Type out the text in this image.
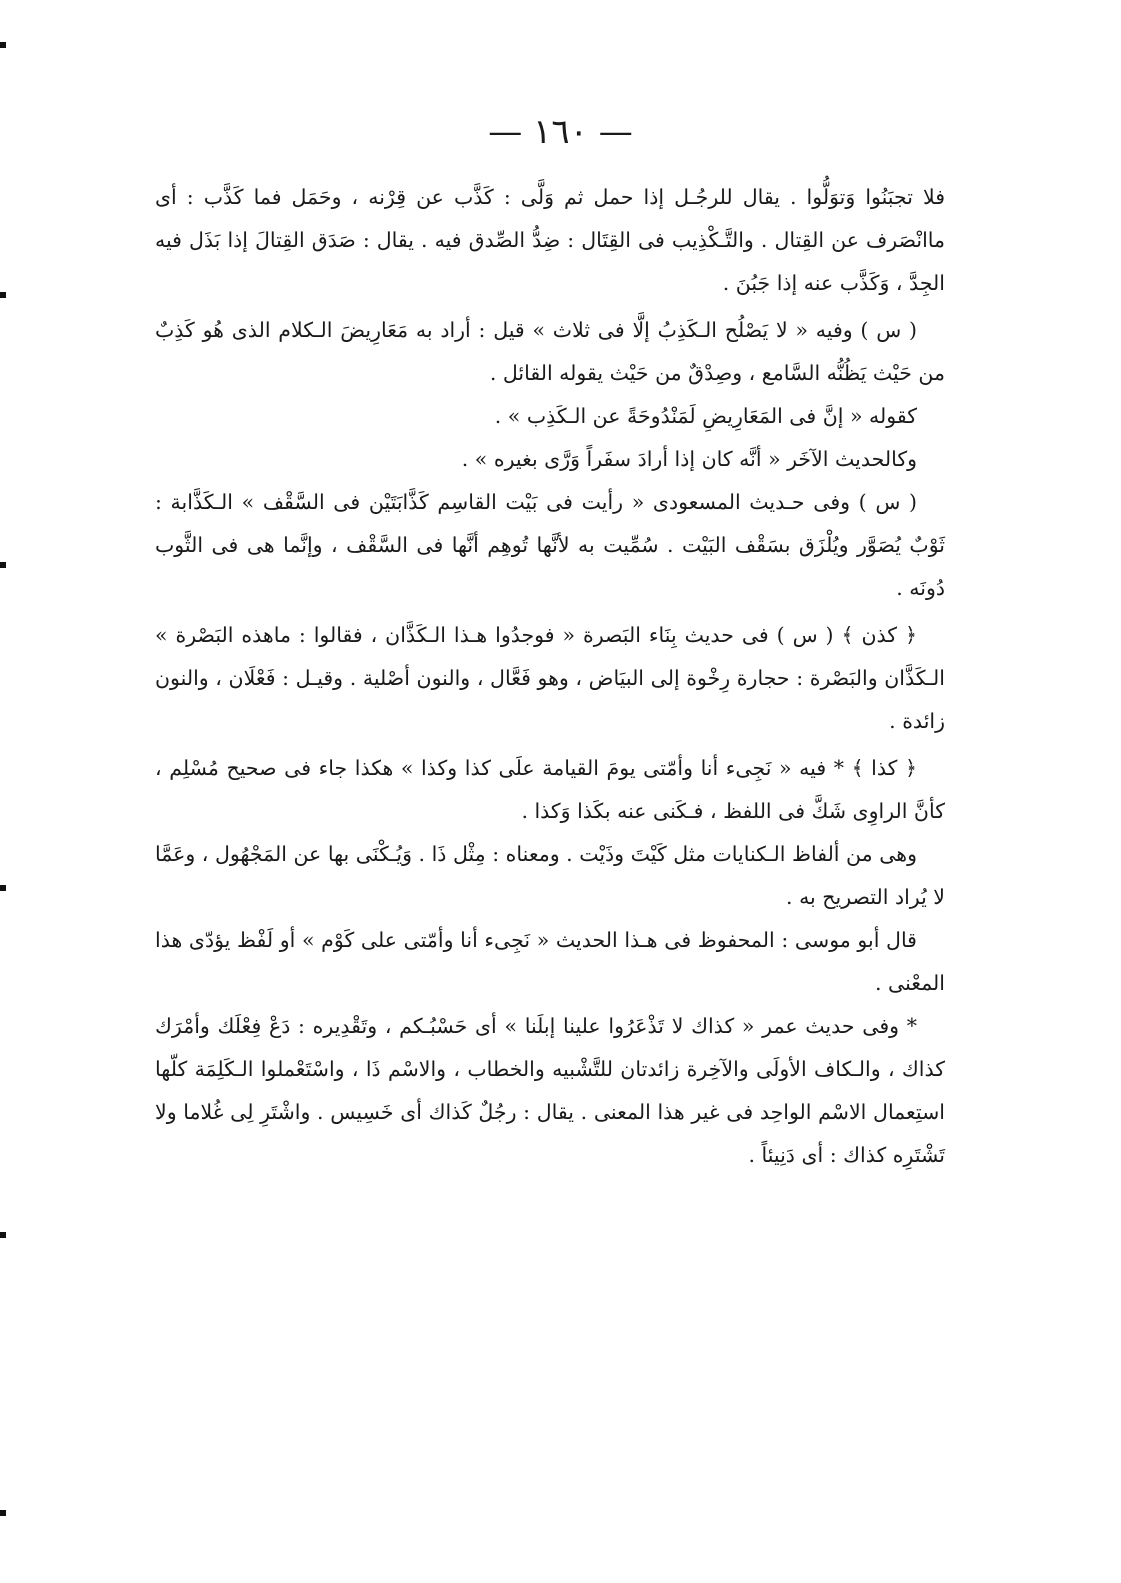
— ١٦٠ —

فلا تجبَنُوا وَتوَلُّوا . يقال للرجُـل إذا حمل ثم وَلَّى : كَذَّب عن قِرْنه ، وحَمَل فما كَذَّب : أى ماانْصَرف عن القِتال . والتَّـكْذِيب فى القِتَال : ضِدُّ الصِّدق فيه . يقال : صَدَق القِتالَ إذا بَذَل فيه الجِدَّ ، وَكَذَّب عنه إذا جَبُنَ .

( س ) وفيه « لا يَصْلُح الـكَذِبُ إلَّا فى ثلاث » قيل : أراد به مَعَارِيضَ الـكلام الذى هُو كَذِبٌ من حَيْث يَظُنُّه السَّامع ، وصِدْقٌ من حَيْث يقوله القائل .

كقوله « إنَّ فى المَعَارِيضِ لَمَنْدُوحَةً عن الـكَذِب » .

وكالحديث الآخَر « أنَّه كان إذا أرادَ سفَراً وَرَّى بغيره » .

( س ) وفى حـديث المسعودى « رأيت فى بَيْت القاسِم كَذَّابَتَيْن فى السَّقْف » الـكَذَّابة : ثَوْبٌ يُصَوَّر ويُلْزَق بسَقْف البَيْت . سُمِّيت به لأنَّها تُوهِم أنَّها فى السَّقْف ، وإنَّما هى فى الثَّوب دُونَه .

﴿ كذن ﴾ ( س ) فى حديث بِنَاء البَصرة « فوجدُوا هـذا الـكَذَّان ، فقالوا : ماهذه البَصْرة » الـكَذَّان والبَصْرة : حجارة رِخْوة إلى البيَاض ، وهو فَعَّال ، والنون أصْلية . وقيـل : فَعْلَان ، والنون زائدة .

﴿ كذا ﴾ * فيه « نَجِىء أنا وأمّتى يومَ القيامة علَى كذا وكذا » هكذا جاء فى صحيح مُسْلِم ، كأنَّ الراوِى شَكَّ فى اللفظ ، فـكَنى عنه بكَذا وَكذا .

وهى من ألفاظ الـكنايات مثل كَيْتَ وذَيْت . ومعناه : مِثْل ذَا . وَيُـكْنَى بها عن المَجْهُول ، وعَمَّا لا يُراد التصريح به .

قال أبو موسى : المحفوظ فى هـذا الحديث « نَجِىء أنا وأمّتى على كَوْم » أو لَفْظ يؤدّى هذا المعْنى .

* وفى حديث عمر « كذاك لا تَذْعَرُوا علينا إبلَنا » أى حَسْبُـكم ، وتَقْدِيره : دَعْ فِعْلَك وأمْرَك كذاك ، والـكاف الأولَى والآخِرة زائدتان للتَّشْبيه والخطاب ، والاسْم ذَا ، واسْتَعْملوا الـكَلِمَة كلّها استِعمال الاسْم الواحِد فى غير هذا المعنى . يقال : رجُلٌ كَذاك أى خَسِيس . واشْتَرِ لِى غُلاما ولا تَشْتَرِه كذاك : أى دَنِيئاً .
